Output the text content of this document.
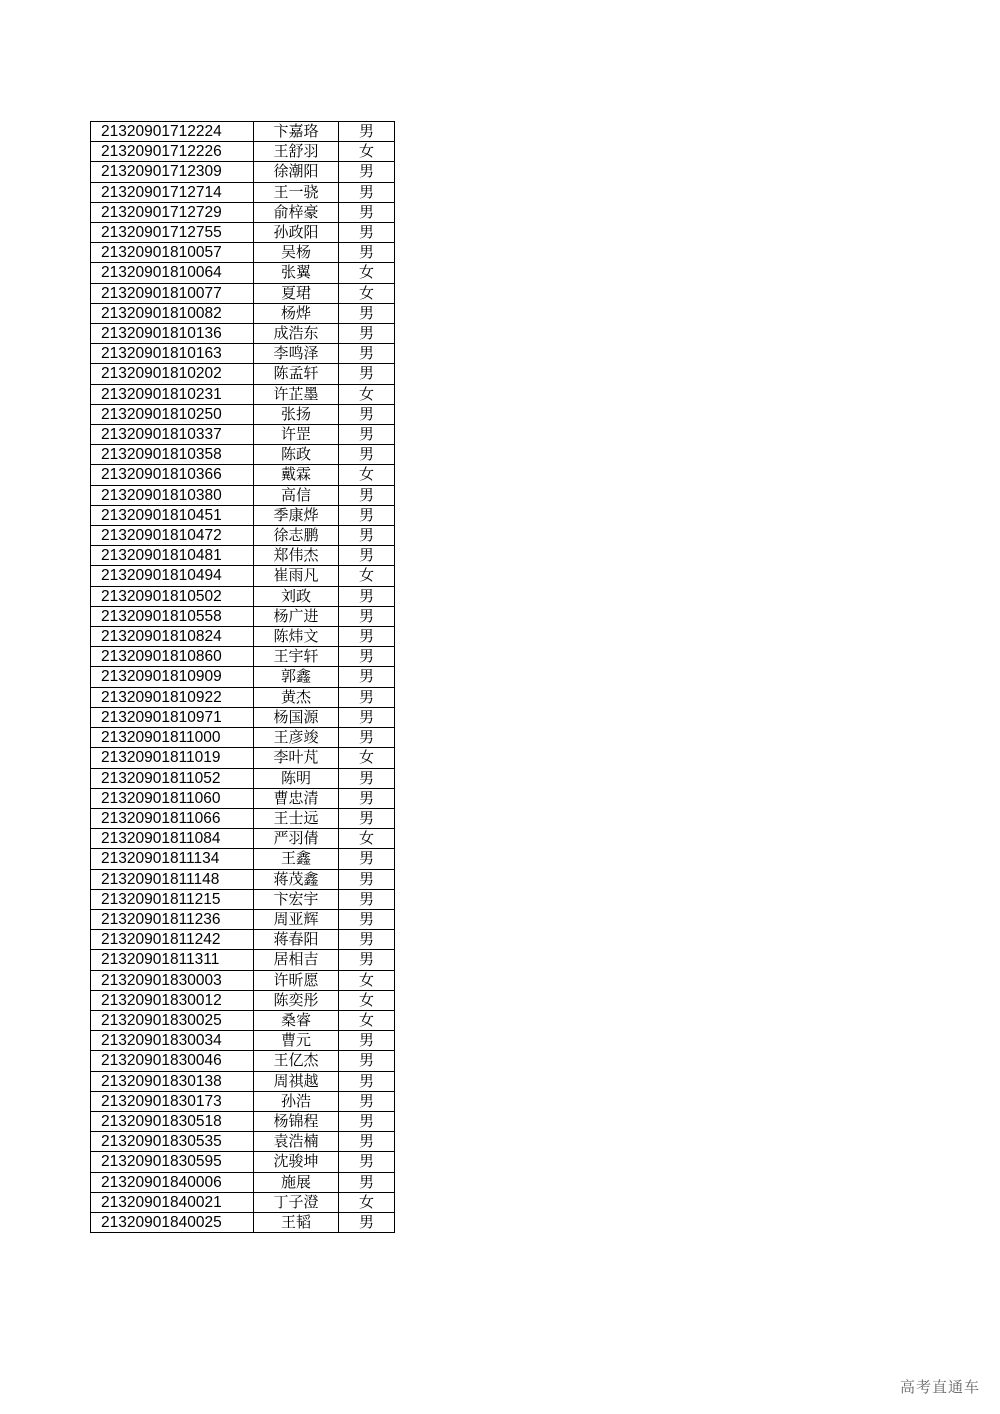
21320901712224	卞嘉珞	男
21320901712226	王舒羽	女
21320901712309	徐潮阳	男
21320901712714	王一骁	男
21320901712729	俞梓豪	男
21320901712755	孙政阳	男
21320901810057	吴杨	男
21320901810064	张翼	女
21320901810077	夏珺	女
21320901810082	杨烨	男
21320901810136	成浩东	男
21320901810163	李鸣泽	男
21320901810202	陈孟轩	男
21320901810231	许芷墨	女
21320901810250	张扬	男
21320901810337	许罡	男
21320901810358	陈政	男
21320901810366	戴霖	女
21320901810380	高信	男
21320901810451	季康烨	男
21320901810472	徐志鹏	男
21320901810481	郑伟杰	男
21320901810494	崔雨凡	女
21320901810502	刘政	男
21320901810558	杨广进	男
21320901810824	陈炜文	男
21320901810860	王宇轩	男
21320901810909	郭鑫	男
21320901810922	黄杰	男
21320901810971	杨国源	男
21320901811000	王彦竣	男
21320901811019	李叶芃	女
21320901811052	陈明	男
21320901811060	曹忠清	男
21320901811066	王士远	男
21320901811084	严羽倩	女
21320901811134	王鑫	男
21320901811148	蒋茂鑫	男
21320901811215	卞宏宇	男
21320901811236	周亚辉	男
21320901811242	蒋春阳	男
21320901811311	居相吉	男
21320901830003	许昕愿	女
21320901830012	陈奕彤	女
21320901830025	桑睿	女
21320901830034	曹元	男
21320901830046	王亿杰	男
21320901830138	周祺越	男
21320901830173	孙浩	男
21320901830518	杨锦程	男
21320901830535	袁浩楠	男
21320901830595	沈骏坤	男
21320901840006	施展	男
21320901840021	丁子澄	女
21320901840025	王韬	男
高考直通车
